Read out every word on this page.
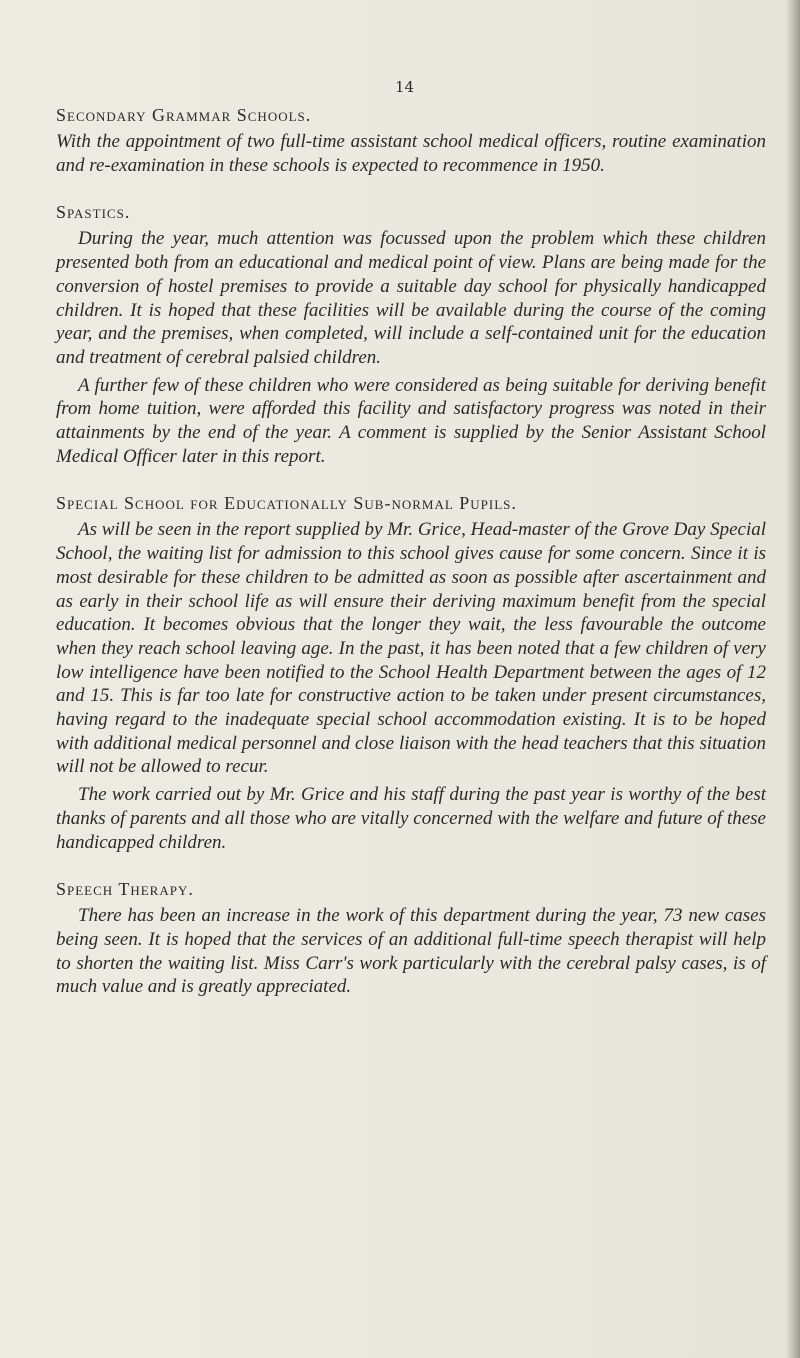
14
Secondary Grammar Schools.

With the appointment of two full-time assistant school medical officers, routine examination and re-examination in these schools is expected to recommence in 1950.

Spastics.

During the year, much attention was focussed upon the problem which these children presented both from an educational and medical point of view. Plans are being made for the conversion of hostel premises to provide a suitable day school for physically handicapped children. It is hoped that these facilities will be available during the course of the coming year, and the premises, when completed, will include a self-contained unit for the education and treatment of cerebral palsied children.

A further few of these children who were considered as being suitable for deriving benefit from home tuition, were afforded this facility and satisfactory progress was noted in their attainments by the end of the year. A comment is supplied by the Senior Assistant School Medical Officer later in this report.

Special School for Educationally Sub-normal Pupils.

As will be seen in the report supplied by Mr. Grice, Head-master of the Grove Day Special School, the waiting list for admission to this school gives cause for some concern. Since it is most desirable for these children to be admitted as soon as possible after ascertainment and as early in their school life as will ensure their deriving maximum benefit from the special education. It becomes obvious that the longer they wait, the less favourable the outcome when they reach school leaving age. In the past, it has been noted that a few children of very low intelligence have been notified to the School Health Department between the ages of 12 and 15. This is far too late for constructive action to be taken under present circumstances, having regard to the inadequate special school accommodation existing. It is to be hoped with additional medical personnel and close liaison with the head teachers that this situation will not be allowed to recur.

The work carried out by Mr. Grice and his staff during the past year is worthy of the best thanks of parents and all those who are vitally concerned with the welfare and future of these handicapped children.

Speech Therapy.

There has been an increase in the work of this department during the year, 73 new cases being seen. It is hoped that the services of an additional full-time speech therapist will help to shorten the waiting list. Miss Carr's work particularly with the cerebral palsy cases, is of much value and is greatly appreciated.
